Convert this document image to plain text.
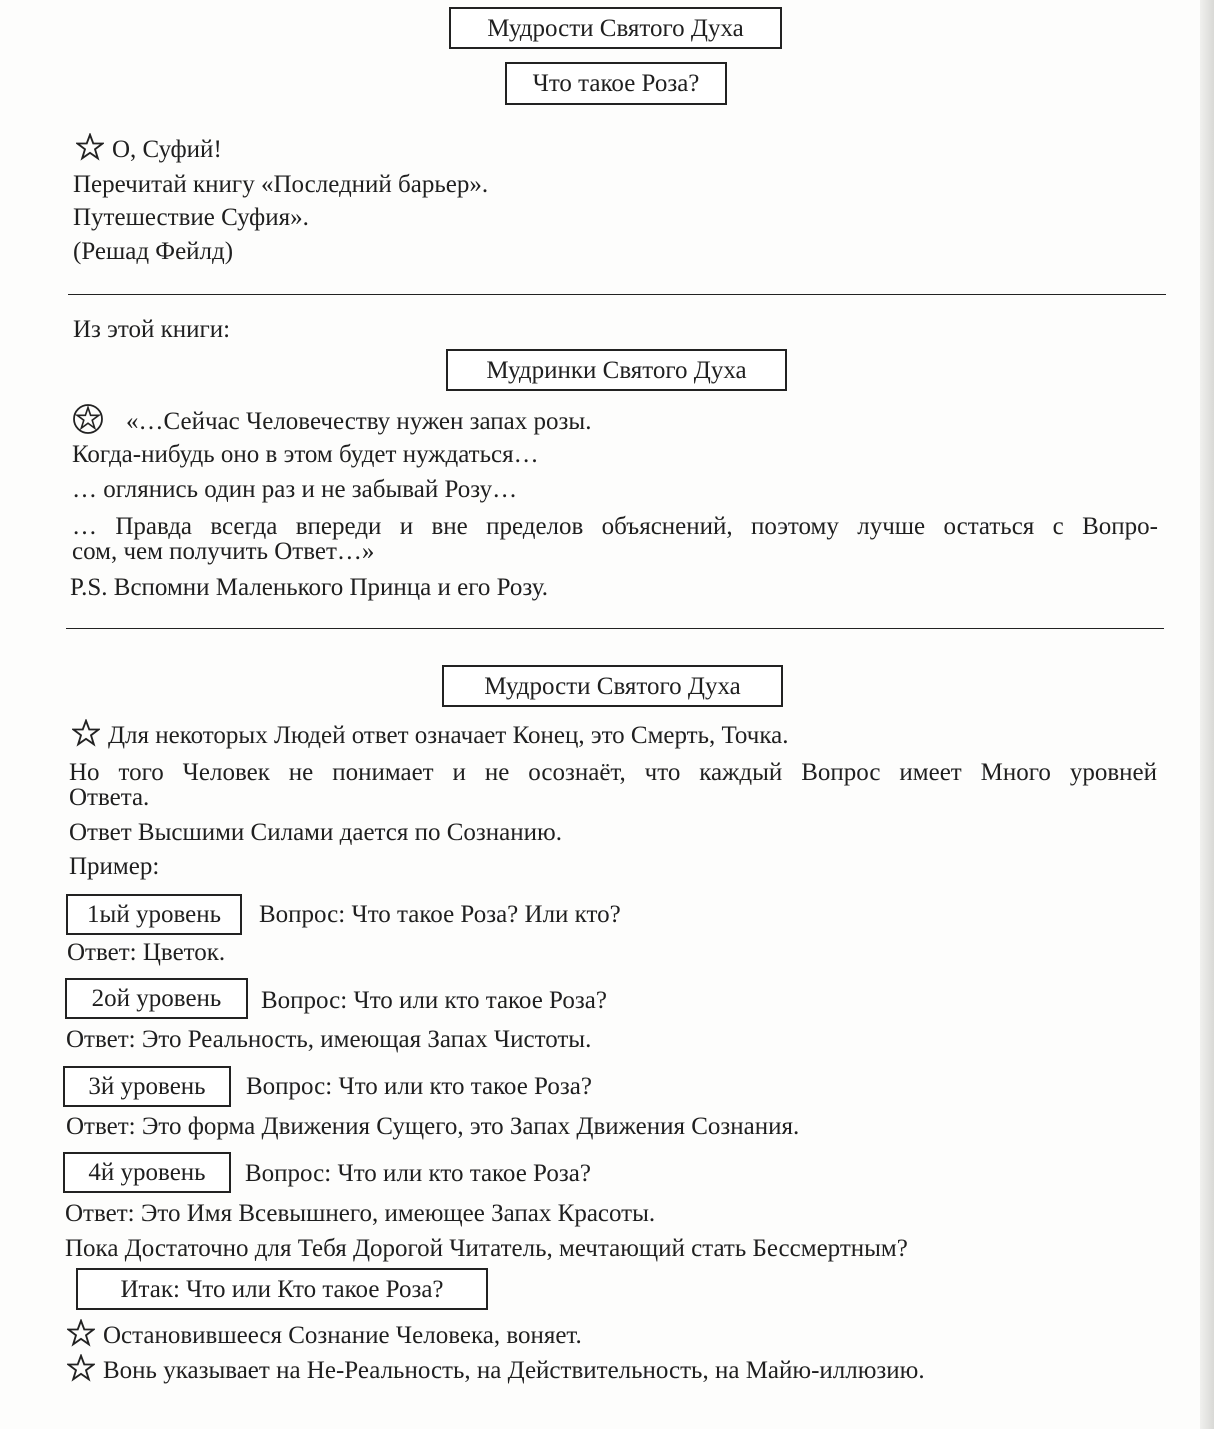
Мудрости Святого Духа
Что такое Роза?
О, Суфий!
Перечитай книгу «Последний барьер».
Путешествие Суфия».
(Решад Фейлд)
Из этой книги:
Мудринки Святого Духа
«…Сейчас Человечеству нужен запах розы.
Когда-нибудь оно в этом будет нуждаться…
… оглянись один раз и не забывай Розу…
… Правда всегда впереди и вне пределов объяснений, поэтому лучше остаться с Вопро-
сом, чем получить Ответ…»
P.S. Вспомни Маленького Принца и его Розу.
Мудрости Святого Духа
Для некоторых Людей ответ означает Конец, это Смерть, Точка.
Но того Человек не понимает и не осознаёт, что каждый Вопрос имеет Много уровней
Ответа.
Ответ Высшими Силами дается по Сознанию.
Пример:
1ый уровень Вопрос: Что такое Роза? Или кто?
Ответ: Цветок.
2ой уровень Вопрос: Что или кто такое Роза?
Ответ: Это Реальность, имеющая Запах Чистоты.
3й уровень Вопрос: Что или кто такое Роза?
Ответ: Это форма Движения Сущего, это Запах Движения Сознания.
4й уровень Вопрос: Что или кто такое Роза?
Ответ: Это Имя Всевышнего, имеющее Запах Красоты.
Пока Достаточно для Тебя Дорогой Читатель, мечтающий стать Бессмертным?
Итак: Что или Кто такое Роза?
Остановившееся Сознание Человека, воняет.
Вонь указывает на Не-Реальность, на Действительность, на Майю-иллюзию.
